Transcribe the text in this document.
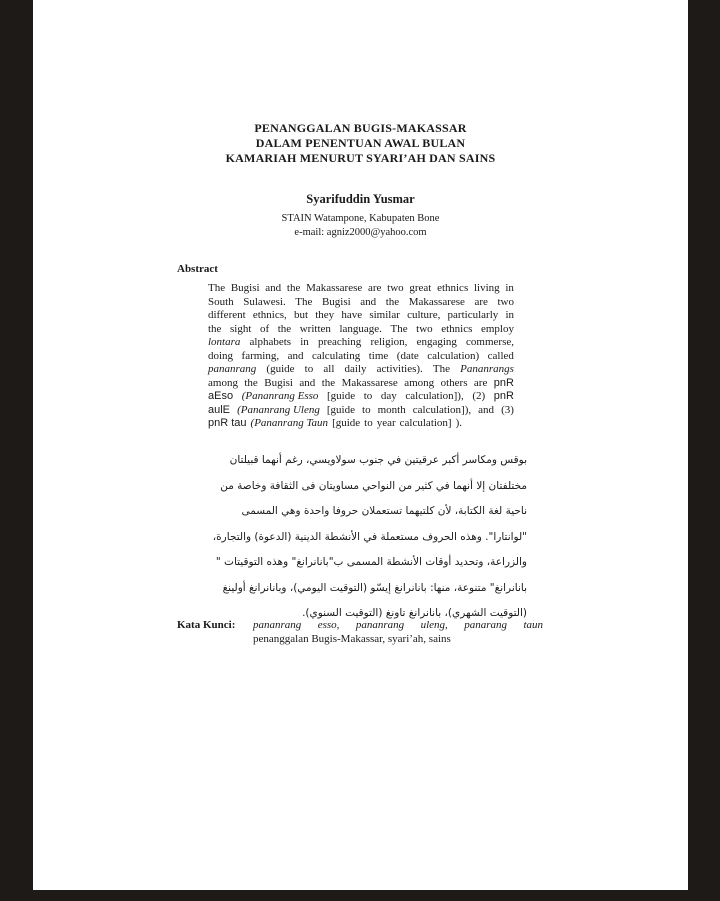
PENANGGALAN BUGIS-MAKASSAR
DALAM PENENTUAN AWAL BULAN
KAMARIAH MENURUT SYARI’AH DAN SAINS
Syarifuddin Yusmar
STAIN Watampone, Kabupaten Bone
e-mail: agniz2000@yahoo.com
Abstract
The Bugisi and the Makassarese are two great ethnics living in
South Sulawesi. The Bugisi and the Makassarese are two
different ethnics, but they have similar culture, particularly in
the sight of the written language. The two ethnics employ
lontara alphabets in preaching religion, engaging commerse,
doing farming, and calculating time (date calculation) called
pananrang (guide to all daily activities). The Pananrangs
among the Bugisi and the Makassarese among others are pnR
aEso (Pananrang Esso [guide to day calculation]), (2) pnR
aulE (Pananrang Uleng [guide to month calculation]), and (3)
pnR tau (Pananrang Taun [guide to year calculation] ).
بوقس ومكاسر أكبر عرقيتين في جنوب سولاويسي، رغم أنهما قبيلتان
مختلفتان إلا أنهما في كثير من النواحي مساويتان فى الثقافة وخاصة من
ناحية لغة الكتابة، لأن كلتيهما تستعملان حروفا واحدة وهي المسمى
"لوانتارا". وهذه الحروف مستعملة في الأنشطة الدينية (الدعوة) والتجارة،
والزراعة، وتحديد أوقات الأنشطة المسمى ب"بانانرانغ" وهذه التوقيتات "
بانانرانغ" متنوعة، منها: بانانرانغ إيسّو (التوقيت اليومي)، وبانانرانغ أولينغ
(التوقيت الشهري)، بانانرانغ تاونغ (التوقيت السنوي).
Kata Kunci: pananrang esso, pananrang uleng, panarang taun
penanggalan Bugis-Makassar, syari’ah, sains
